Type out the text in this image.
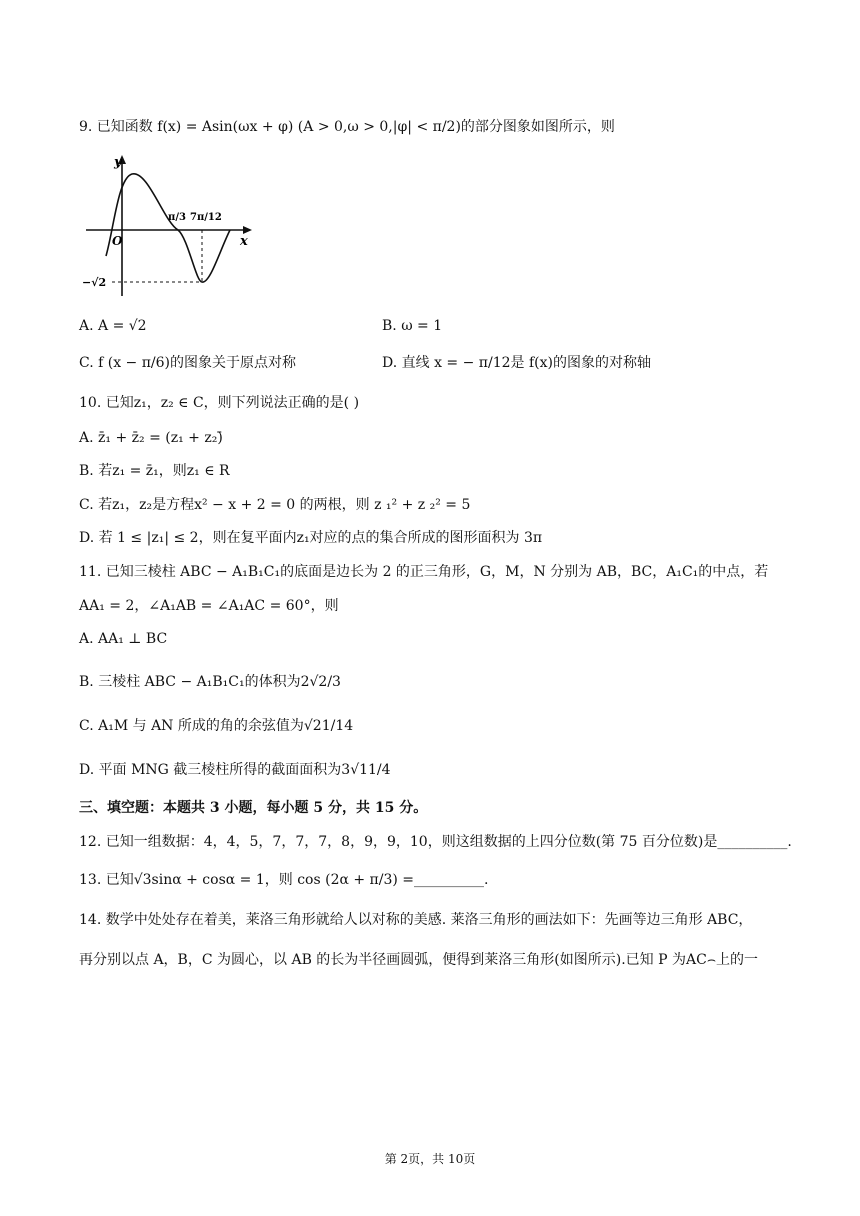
9. 已知函数 f(x) = Asin(ωx + φ) (A > 0,ω > 0,|φ| < π/2)的部分图象如图所示，则
y
x
O
π/3 7π/12
−√2
A. A = √2	B. ω = 1
C. f (x − π/6)的图象关于原点对称	D. 直线 x = − π/12是 f(x)的图象的对称轴
10. 已知z₁，z₂ ∈ C，则下列说法正确的是( )
A. z̄₁ + z̄₂ = (z₁ + z₂)̄
B. 若z₁ = z̄₁，则z₁ ∈ R
C. 若z₁，z₂是方程x² − x + 2 = 0 的两根，则 z ₁² + z ₂² = 5
D. 若 1 ≤ |z₁| ≤ 2，则在复平面内z₁对应的点的集合所成的图形面积为 3π
11. 已知三棱柱 ABC − A₁B₁C₁的底面是边长为 2 的正三角形，G，M，N 分别为 AB，BC，A₁C₁的中点，若
AA₁ = 2，∠A₁AB = ∠A₁AC = 60°，则
A. AA₁ ⊥ BC
B. 三棱柱 ABC − A₁B₁C₁的体积为2√2/3
C. A₁M 与 AN 所成的角的余弦值为√21/14
D. 平面 MNG 截三棱柱所得的截面面积为3√11/4
三、填空题：本题共 3 小题，每小题 5 分，共 15 分。
12. 已知一组数据：4，4，5，7，7，7，8，9，9，10，则这组数据的上四分位数(第 75 百分位数)是__________.
13. 已知√3sinα + cosα = 1，则 cos (2α + π/3) =__________.
14. 数学中处处存在着美，莱洛三角形就给人以对称的美感. 莱洛三角形的画法如下：先画等边三角形 ABC，
再分别以点 A，B，C 为圆心，以 AB 的长为半径画圆弧，便得到莱洛三角形(如图所示).已知 P 为AC⌢上的一
第 2页，共 10页
